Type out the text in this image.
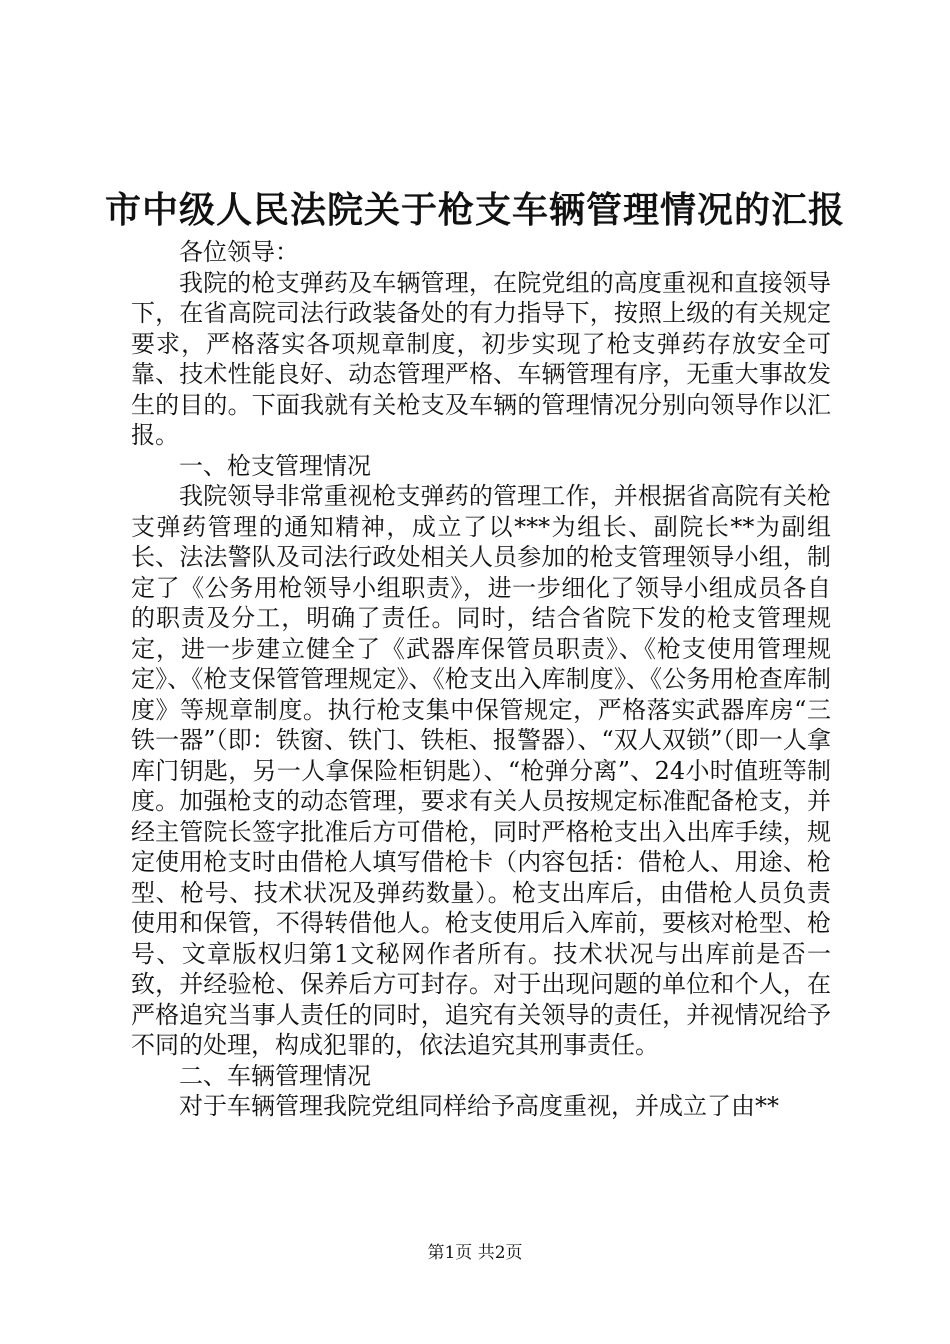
市中级人民法院关于枪支车辆管理情况的汇报

各位领导：

我院的枪支弹药及车辆管理，在院党组的高度重视和直接领导下，在省高院司法行政装备处的有力指导下，按照上级的有关规定要求，严格落实各项规章制度，初步实现了枪支弹药存放安全可靠、技术性能良好、动态管理严格、车辆管理有序，无重大事故发生的目的。下面我就有关枪支及车辆的管理情况分别向领导作以汇报。

一、枪支管理情况

我院领导非常重视枪支弹药的管理工作，并根据省高院有关枪支弹药管理的通知精神，成立了以***为组长、副院长**为副组长、法法警队及司法行政处相关人员参加的枪支管理领导小组，制定了《公务用枪领导小组职责》，进一步细化了领导小组成员各自的职责及分工，明确了责任。同时，结合省院下发的枪支管理规定，进一步建立健全了《武器库保管员职责》、《枪支使用管理规定》、《枪支保管管理规定》、《枪支出入库制度》、《公务用枪查库制度》等规章制度。执行枪支集中保管规定，严格落实武器库房“三铁一器”（即：铁窗、铁门、铁柜、报警器）、“双人双锁”（即一人拿库门钥匙，另一人拿保险柜钥匙）、“枪弹分离”、24小时值班等制度。加强枪支的动态管理，要求有关人员按规定标准配备枪支，并经主管院长签字批准后方可借枪，同时严格枪支出入出库手续，规定使用枪支时由借枪人填写借枪卡（内容包括：借枪人、用途、枪型、枪号、技术状况及弹药数量）。枪支出库后，由借枪人员负责使用和保管，不得转借他人。枪支使用后入库前，要核对枪型、枪号、文章版权归第1文秘网作者所有。技术状况与出库前是否一致，并经验枪、保养后方可封存。对于出现问题的单位和个人，在严格追究当事人责任的同时，追究有关领导的责任，并视情况给予不同的处理，构成犯罪的，依法追究其刑事责任。

二、车辆管理情况

对于车辆管理我院党组同样给予高度重视，并成立了由**

第1页 共2页
